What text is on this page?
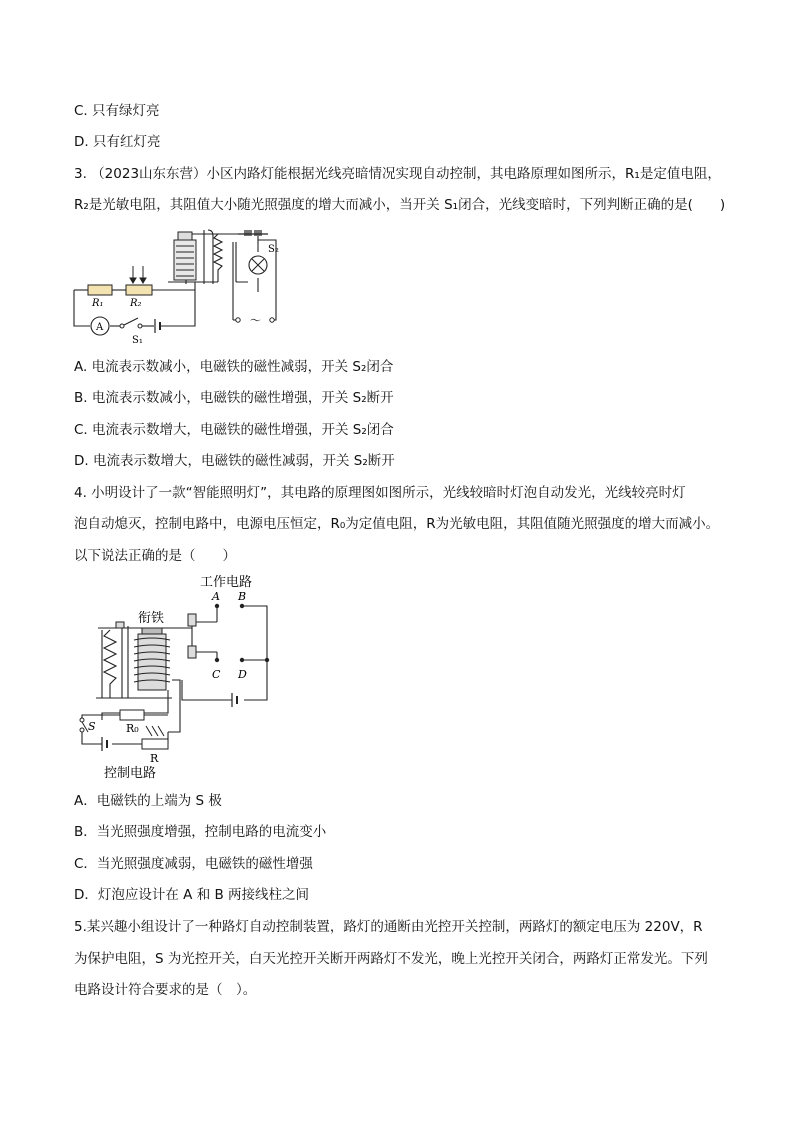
C. 只有绿灯亮
D. 只有红灯亮
3. （2023山东东营）小区内路灯能根据光线亮暗情况实现自动控制，其电路原理如图所示，R₁是定值电阻，
R₂是光敏电阻，其阻值大小随光照强度的增大而减小，当开关 S₁闭合，光线变暗时，下列判断正确的是(　　)
A
～
R₁	R₂
S₁
S₂
A. 电流表示数减小，电磁铁的磁性减弱，开关 S₂闭合
B. 电流表示数减小，电磁铁的磁性增强，开关 S₂断开
C. 电流表示数增大，电磁铁的磁性增强，开关 S₂闭合
D. 电流表示数增大，电磁铁的磁性减弱，开关 S₂断开
4. 小明设计了一款“智能照明灯”，其电路的原理图如图所示，光线较暗时灯泡自动发光，光线较亮时灯
泡自动熄灭，控制电路中，电源电压恒定，R₀为定值电阻，R为光敏电阻，其阻值随光照强度的增大而减小。
以下说法正确的是（　　）
工作电路
衔铁
A B
C D
R₀
S
R
控制电路
A．电磁铁的上端为 S 极
B．当光照强度增强，控制电路的电流变小
C．当光照强度减弱，电磁铁的磁性增强
D．灯泡应设计在 A 和 B 两接线柱之间
5.某兴趣小组设计了一种路灯自动控制装置，路灯的通断由光控开关控制，两路灯的额定电压为 220V，R
为保护电阻，S 为光控开关，白天光控开关断开两路灯不发光，晚上光控开关闭合，两路灯正常发光。下列
电路设计符合要求的是（　）。
